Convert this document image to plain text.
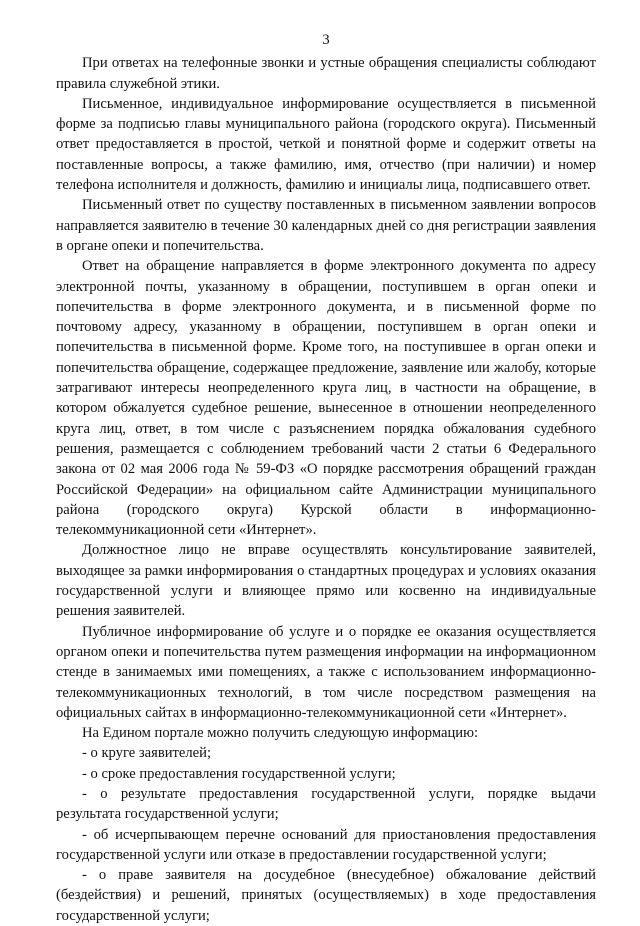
3

При ответах на телефонные звонки и устные обращения специалисты соблюдают правила служебной этики.

Письменное, индивидуальное информирование осуществляется в письменной форме за подписью главы муниципального района (городского округа). Письменный ответ предоставляется в простой, четкой и понятной форме и содержит ответы на поставленные вопросы, а также фамилию, имя, отчество (при наличии) и номер телефона исполнителя и должность, фамилию и инициалы лица, подписавшего ответ.

Письменный ответ по существу поставленных в письменном заявлении вопросов направляется заявителю в течение 30 календарных дней со дня регистрации заявления в органе опеки и попечительства.

Ответ на обращение направляется в форме электронного документа по адресу электронной почты, указанному в обращении, поступившем в орган опеки и попечительства в форме электронного документа, и в письменной форме по почтовому адресу, указанному в обращении, поступившем в орган опеки и попечительства в письменной форме. Кроме того, на поступившее в орган опеки и попечительства обращение, содержащее предложение, заявление или жалобу, которые затрагивают интересы неопределенного круга лиц, в частности на обращение, в котором обжалуется судебное решение, вынесенное в отношении неопределенного круга лиц, ответ, в том числе с разъяснением порядка обжалования судебного решения, размещается с соблюдением требований части 2 статьи 6 Федерального закона от 02 мая 2006 года № 59-ФЗ «О порядке рассмотрения обращений граждан Российской Федерации» на официальном сайте Администрации муниципального района (городского округа) Курской области в информационно-телекоммуникационной сети «Интернет».

Должностное лицо не вправе осуществлять консультирование заявителей, выходящее за рамки информирования о стандартных процедурах и условиях оказания государственной услуги и влияющее прямо или косвенно на индивидуальные решения заявителей.

Публичное информирование об услуге и о порядке ее оказания осуществляется органом опеки и попечительства путем размещения информации на информационном стенде в занимаемых ими помещениях, а также с использованием информационно-телекоммуникационных технологий, в том числе посредством размещения на официальных сайтах в информационно-телекоммуникационной сети «Интернет».

На Едином портале можно получить следующую информацию:

- о круге заявителей;

- о сроке предоставления государственной услуги;

- о результате предоставления государственной услуги, порядке выдачи результата государственной услуги;

- об исчерпывающем перечне оснований для приостановления предоставления государственной услуги или отказе в предоставлении государственной услуги;

- о праве заявителя на досудебное (внесудебное) обжалование действий (бездействия) и решений, принятых (осуществляемых) в ходе предоставления государственной услуги;
